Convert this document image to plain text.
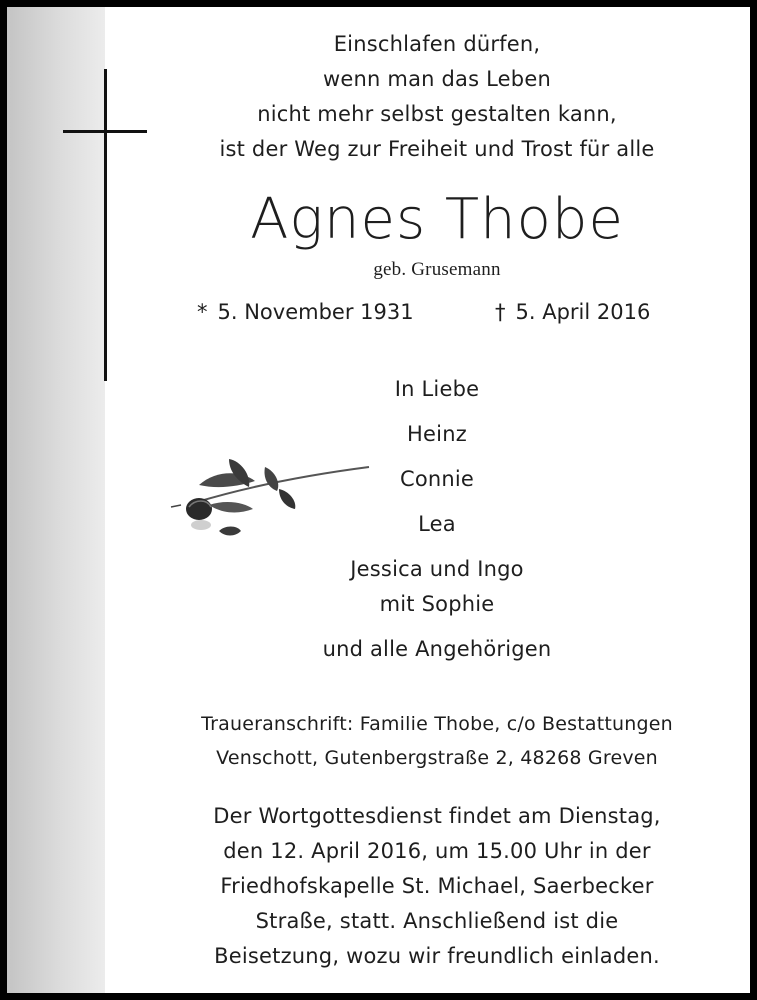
Einschlafen dürfen,
wenn man das Leben
nicht mehr selbst gestalten kann,
ist der Weg zur Freiheit und Trost für alle
Agnes Thobe
geb. Grusemann
* 5. November 1931	† 5. April 2016
In Liebe
Heinz
Connie
Lea
Jessica und Ingo
mit Sophie
und alle Angehörigen
Traueranschrift: Familie Thobe, c/o Bestattungen
Venschott, Gutenbergstraße 2, 48268 Greven
Der Wortgottesdienst findet am Dienstag,
den 12. April 2016, um 15.00 Uhr in der
Friedhofskapelle St. Michael, Saerbecker
Straße, statt. Anschließend ist die
Beisetzung, wozu wir freundlich einladen.
